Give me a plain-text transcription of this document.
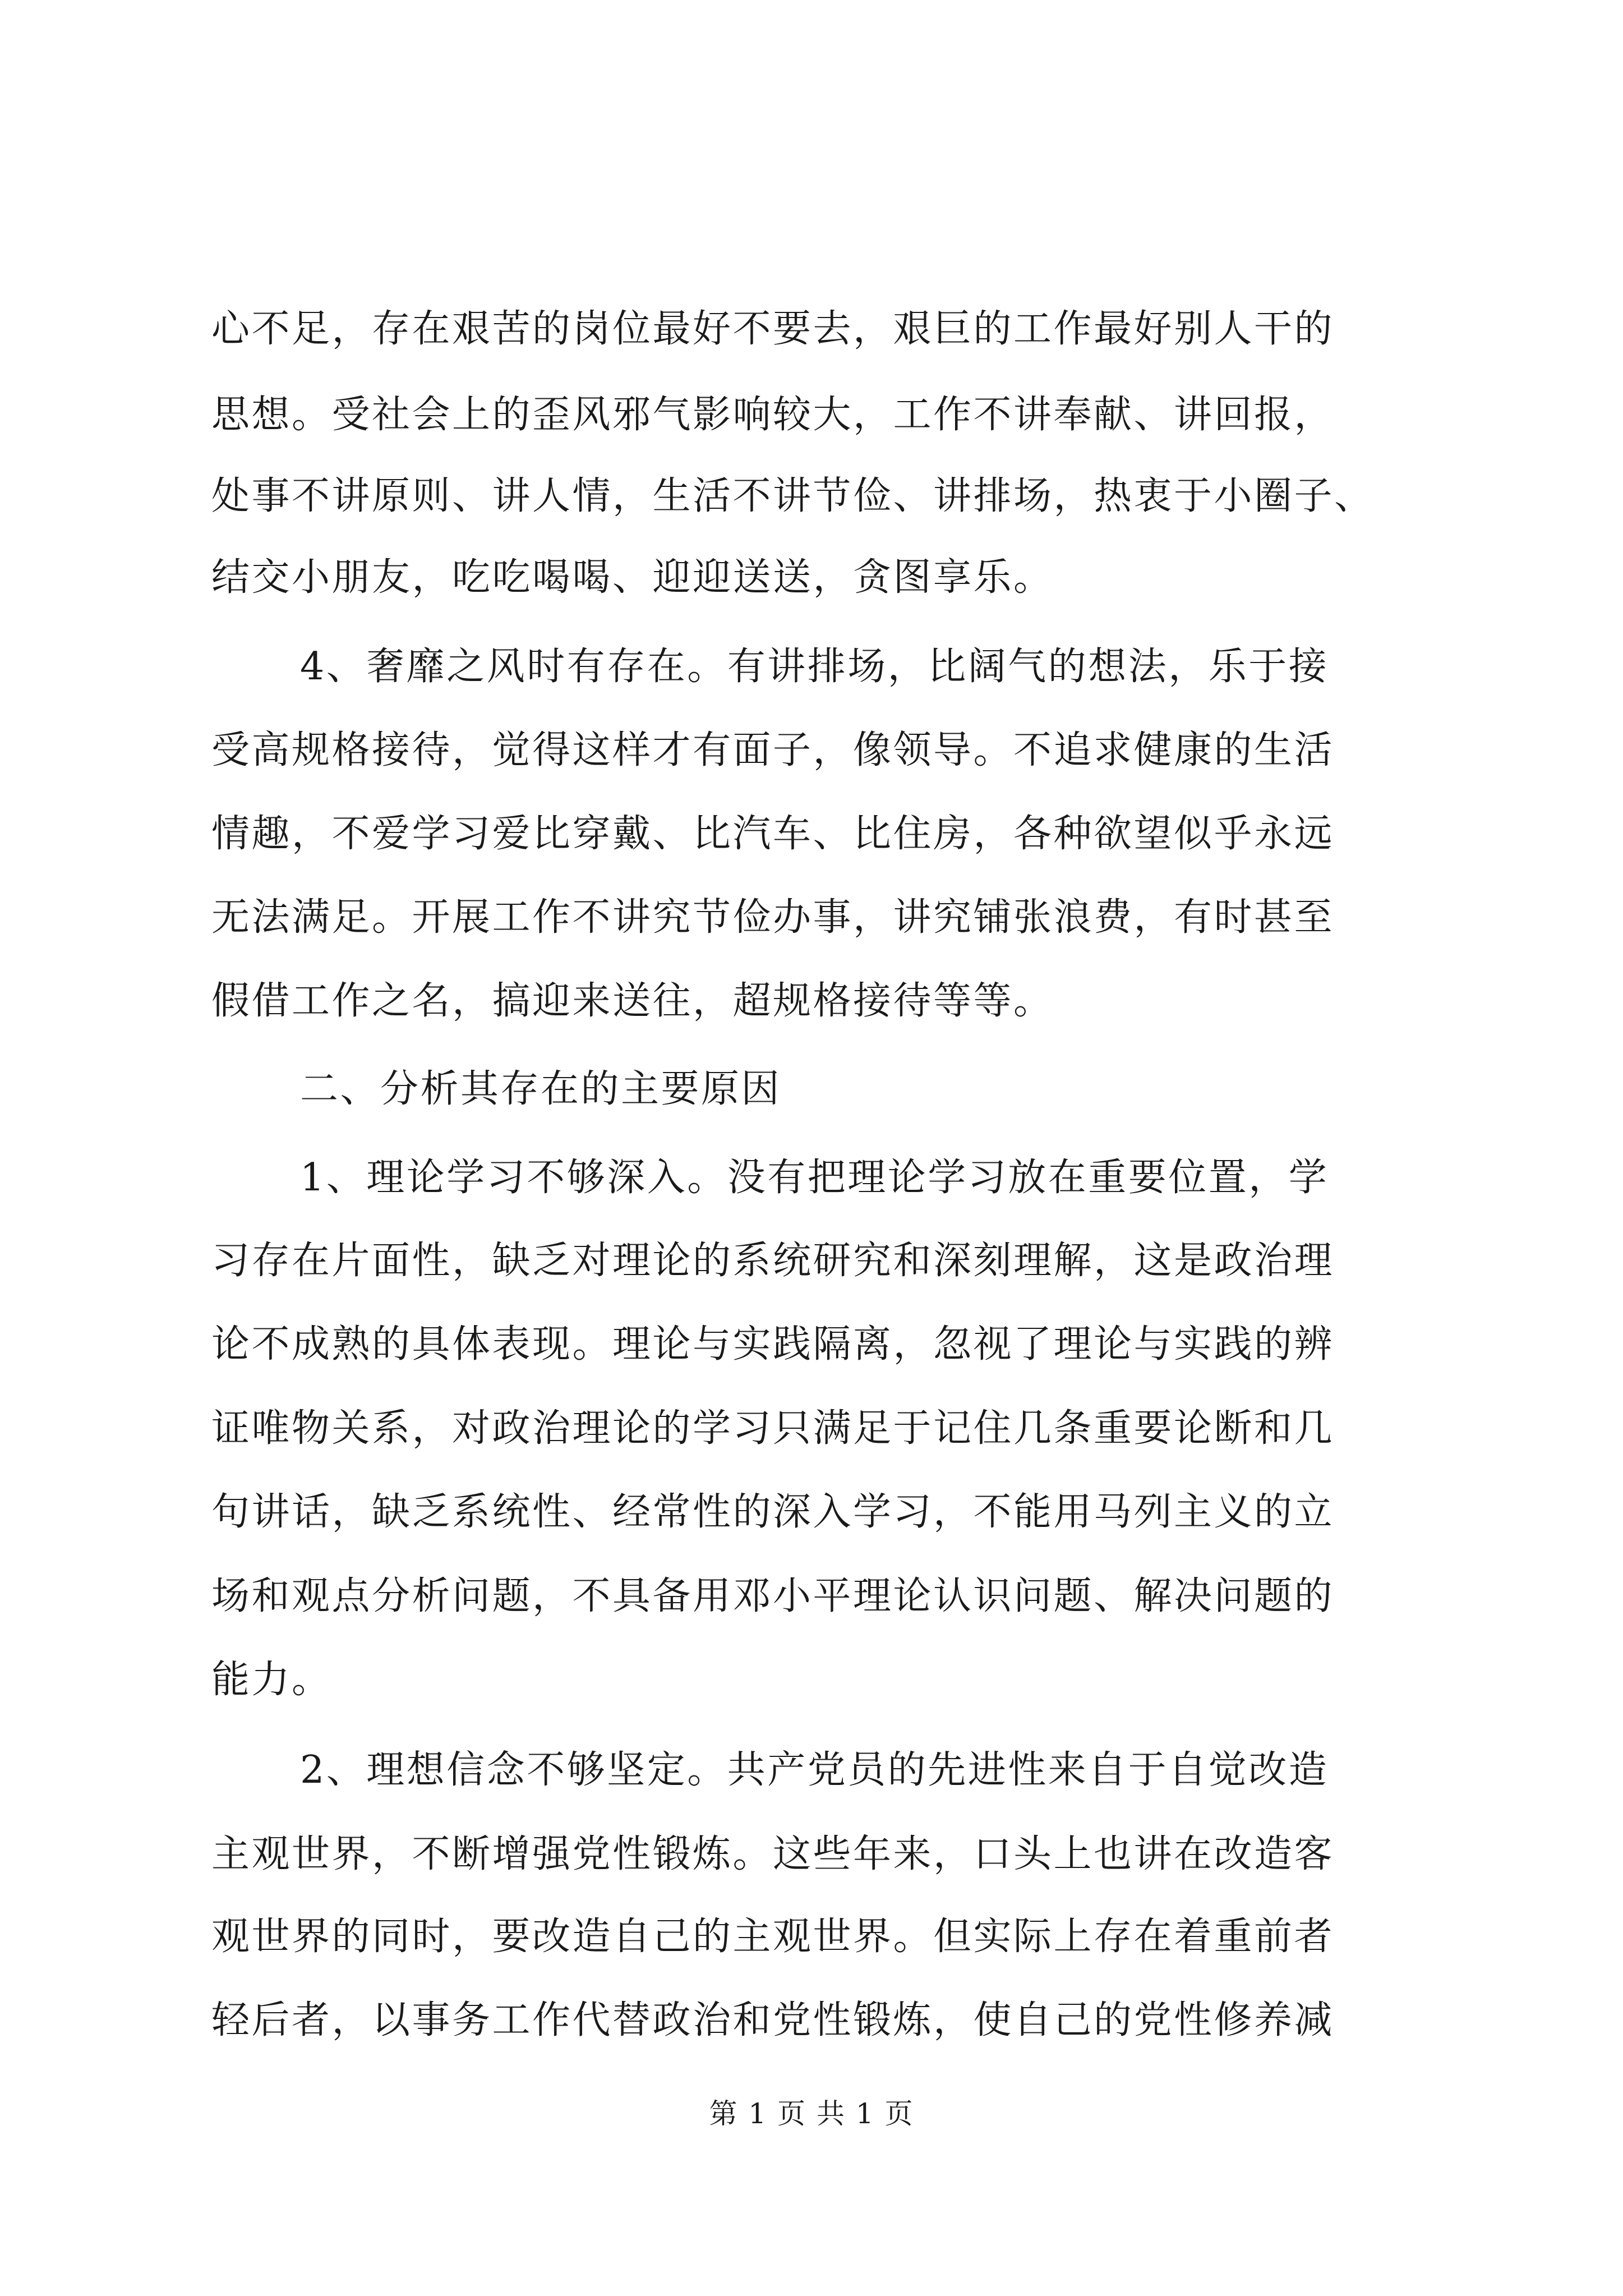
心不足，存在艰苦的岗位最好不要去，艰巨的工作最好别人干的

思想。受社会上的歪风邪气影响较大，工作不讲奉献、讲回报，

处事不讲原则、讲人情，生活不讲节俭、讲排场，热衷于小圈子、

结交小朋友，吃吃喝喝、迎迎送送，贪图享乐。

4、奢靡之风时有存在。有讲排场，比阔气的想法，乐于接

受高规格接待，觉得这样才有面子，像领导。不追求健康的生活

情趣，不爱学习爱比穿戴、比汽车、比住房，各种欲望似乎永远

无法满足。开展工作不讲究节俭办事，讲究铺张浪费，有时甚至

假借工作之名，搞迎来送往，超规格接待等等。

二、分析其存在的主要原因

1、理论学习不够深入。没有把理论学习放在重要位置，学

习存在片面性，缺乏对理论的系统研究和深刻理解，这是政治理

论不成熟的具体表现。理论与实践隔离，忽视了理论与实践的辨

证唯物关系，对政治理论的学习只满足于记住几条重要论断和几

句讲话，缺乏系统性、经常性的深入学习，不能用马列主义的立

场和观点分析问题，不具备用邓小平理论认识问题、解决问题的

能力。

2、理想信念不够坚定。共产党员的先进性来自于自觉改造

主观世界，不断增强党性锻炼。这些年来，口头上也讲在改造客

观世界的同时，要改造自己的主观世界。但实际上存在着重前者

轻后者，以事务工作代替政治和党性锻炼，使自己的党性修养减

第 1 页 共 1 页
